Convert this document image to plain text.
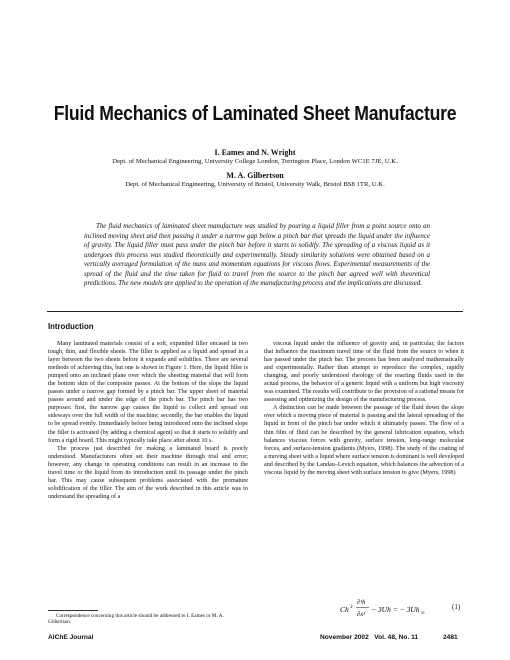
Fluid Mechanics of Laminated Sheet Manufacture
I. Eames and N. Wright
Dept. of Mechanical Engineering, University College London, Torrington Place, London WC1E 7JE, U.K.
M. A. Gilbertson
Dept. of Mechanical Engineering, University of Bristol, University Walk, Bristol BS8 1TR, U.K.

The fluid mechanics of laminated sheet manufacture was studied by pouring a liquid filler from a point source onto an inclined moving sheet and then passing it under a narrow gap below a pinch bar that spreads the liquid under the influence of gravity. The liquid filler must pass under the pinch bar before it starts to solidify. The spreading of a viscous liquid as it undergoes this process was studied theoretically and experimentally. Steady similarity solutions were obtained based on a vertically averaged formulation of the mass and momentum equations for viscous flows. Experimental measurements of the spread of the fluid and the time taken for fluid to travel from the source to the pinch bar agreed well with theoretical predictions. The new models are applied to the operation of the manufacturing process and the implications are discussed.

Introduction

Many laminated materials consist of a soft, expanded filler encased in two tough, thin, and flexible sheets. The filler is applied as a liquid and spread in a layer between the two sheets before it expands and solidifies. There are several methods of achieving this, but one is shown in Figure 1. Here, the liquid filler is pumped onto an inclined plane over which the sheeting material that will form the bottom skin of the composite passes. At the bottom of the slope the liquid passes under a narrow gap formed by a pinch bar. The upper sheet of material passes around and under the edge of the pinch bar. The pinch bar has two purposes: first, the narrow gap causes the liquid to collect and spread out sideways over the full width of the machine; secondly, the bar enables the liquid to be spread evenly. Immediately before being introduced onto the inclined slope the filler is activated (by adding a chemical agent) so that it starts to solidify and form a rigid board. This might typically take place after about 10 s.

The process just described for making a laminated board is poorly understood. Manufacturers often set their machine through trial and error; however, any change in operating conditions can result in an increase in the travel time or the liquid from its introduction until its passage under the pinch bar. This may cause subsequent problems associated with the premature solidification of the filler. The aim of the work described in this article was to understand the spreading of a

viscous liquid under the influence of gravity and, in particular, the factors that influence the maximum travel time of the fluid from the source to when it has passed under the pinch bar. The process has been analyzed mathematically and experimentally. Rather than attempt to reproduce the complex, rapidly changing, and poorly understood rheology of the reacting fluids used in the actual process, the behavior of a generic liquid with a uniform but high viscosity was examined. The results will contribute to the provision of a rational means for assessing and optimizing the design of the manufacturing process.

A distinction can be made between the passage of the fluid down the slope over which a moving piece of material is passing and the lateral spreading of the liquid in front of the pinch bar under which it ultimately passes. The flow of a thin film of fluid can be described by the general lubrication equation, which balances viscous forces with gravity, surface tension, long-range molecular forces, and surface-tension gradients (Myers, 1998). The study of the coating of a moving sheet with a liquid where surface tension is dominant is well developed and described by the Landau–Levich equation, which balances the advection of a viscous liquid by the moving sheet with surface tension to give (Myers, 1998)

Correspondence concerning this article should be addressed to I. Eames or M. A. Gilbertson.

Ch 3
∂³h
∂x³
− 3Uh = − 3Uh ∞
(1)
AIChE Journal	November 2002   Vol. 48, No. 11	2481
